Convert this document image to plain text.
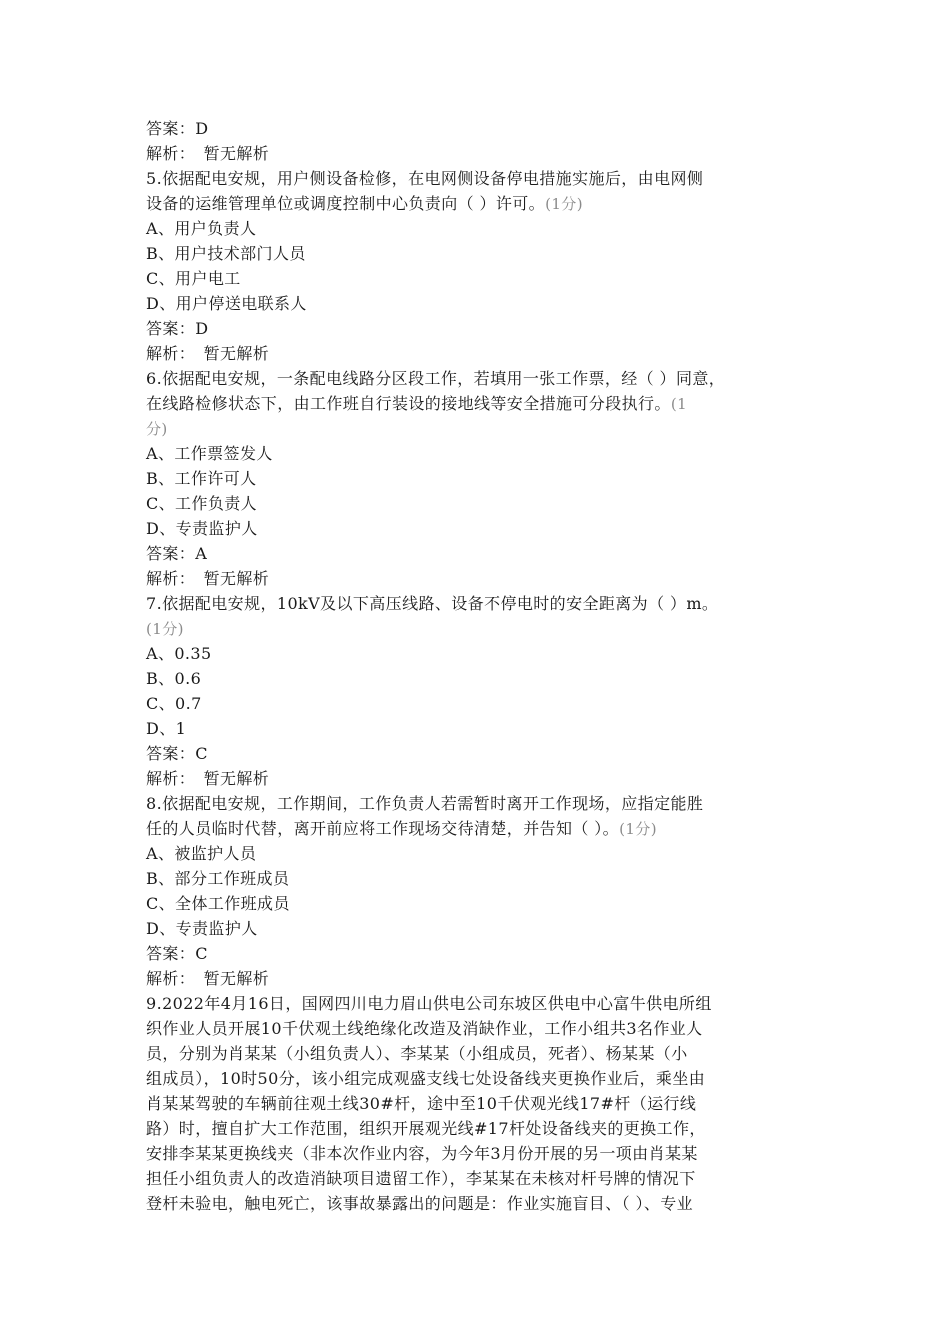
答案：D
解析：　暂无解析
5.依据配电安规，用户侧设备检修，在电网侧设备停电措施实施后，由电网侧
设备的运维管理单位或调度控制中心负责向（ ）许可。(1分)
A、用户负责人
B、用户技术部门人员
C、用户电工
D、用户停送电联系人
答案：D
解析：　暂无解析
6.依据配电安规，一条配电线路分区段工作，若填用一张工作票，经（ ）同意，
在线路检修状态下，由工作班自行装设的接地线等安全措施可分段执行。(1
分)
A、工作票签发人
B、工作许可人
C、工作负责人
D、专责监护人
答案：A
解析：　暂无解析
7.依据配电安规，10kV及以下高压线路、设备不停电时的安全距离为（ ）m。
(1分)
A、0.35
B、0.6
C、0.7
D、1
答案：C
解析：　暂无解析
8.依据配电安规，工作期间，工作负责人若需暂时离开工作现场，应指定能胜
任的人员临时代替，离开前应将工作现场交待清楚，并告知（ ）。(1分)
A、被监护人员
B、部分工作班成员
C、全体工作班成员
D、专责监护人
答案：C
解析：　暂无解析
9.2022年4月16日，国网四川电力眉山供电公司东坡区供电中心富牛供电所组
织作业人员开展10千伏观土线绝缘化改造及消缺作业，工作小组共3名作业人
员，分别为肖某某（小组负责人）、李某某（小组成员，死者）、杨某某（小
组成员），10时50分，该小组完成观盛支线七处设备线夹更换作业后，乘坐由
肖某某驾驶的车辆前往观土线30#杆，途中至10千伏观光线17#杆（运行线
路）时，擅自扩大工作范围，组织开展观光线#17杆处设备线夹的更换工作，
安排李某某更换线夹（非本次作业内容，为今年3月份开展的另一项由肖某某
担任小组负责人的改造消缺项目遗留工作），李某某在未核对杆号牌的情况下
登杆未验电，触电死亡，该事故暴露出的问题是：作业实施盲目、（ ）、专业
